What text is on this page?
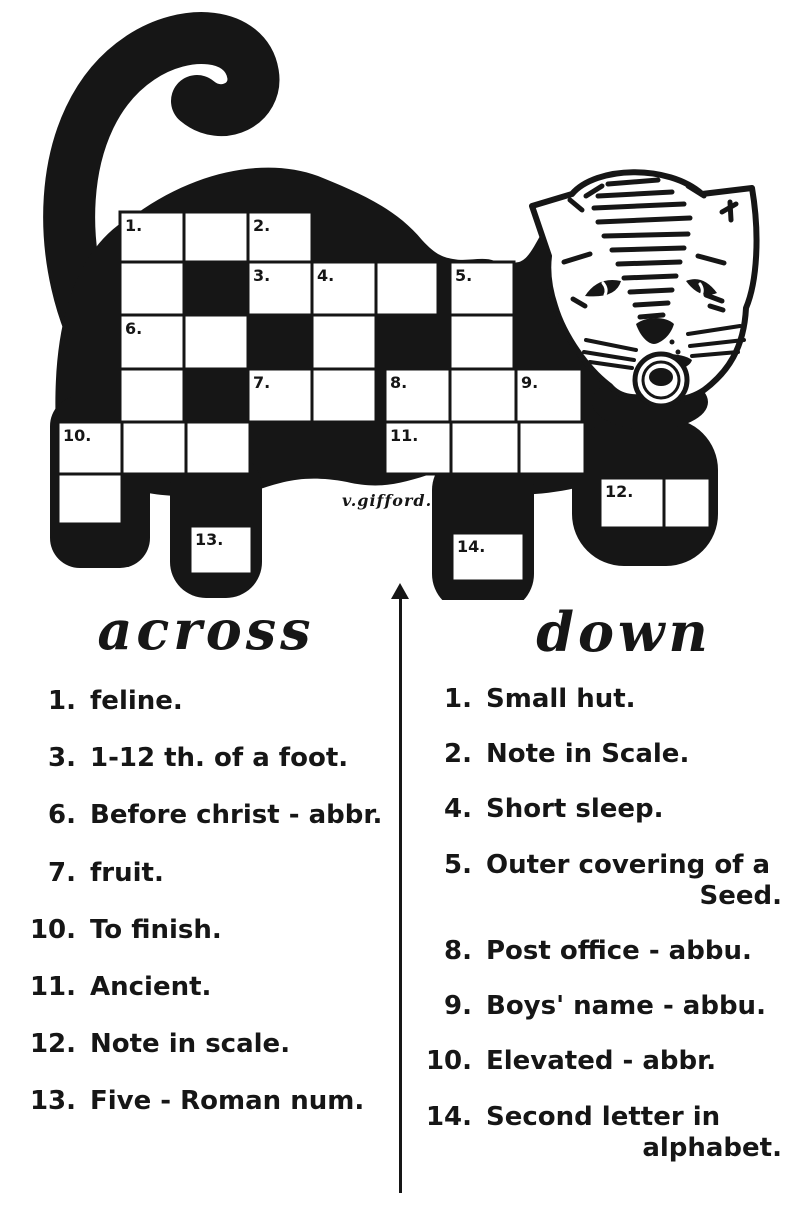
1.	2.
3.	4.	5.
6.
7.	8.	9.
10.	11.
12.
13.	14.
v.gifford.
across
1. feline.
3. 1-12 th. of a foot.
6. Before christ - abbr.
7. fruit.
10. To finish.
11. Ancient.
12. Note in scale.
13. Five - Roman num.
down
1. Small hut.
2. Note in Scale.
4. Short sleep.
5. Outer covering of a
Seed.
8. Post office - abbu.
9. Boys' name - abbu.
10. Elevated - abbr.
14. Second letter in
alphabet.
